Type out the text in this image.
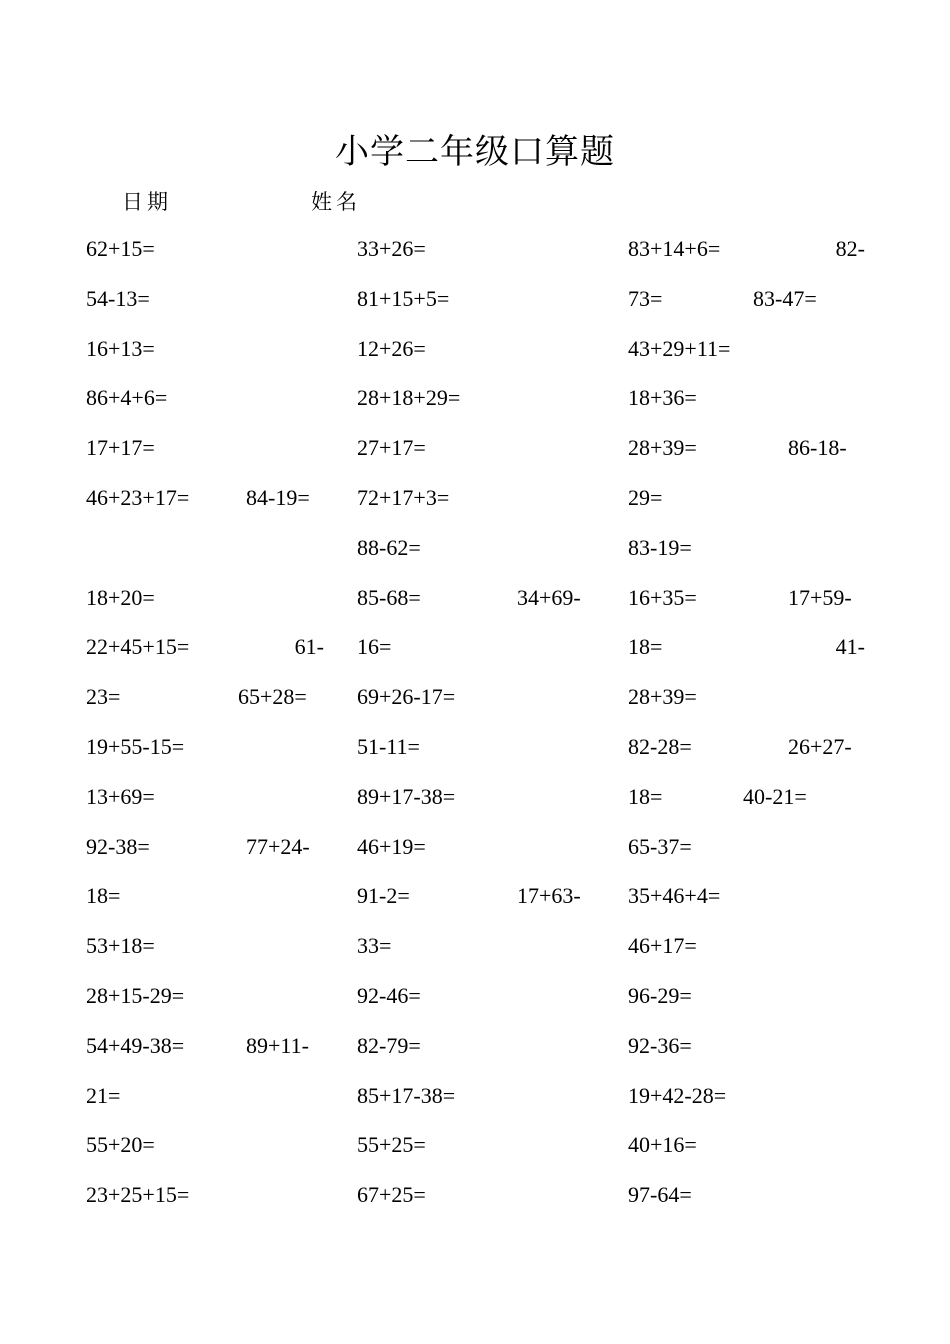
小学二年级口算题
日期	姓名
62+15=
54-13=
16+13=
86+4+6=
17+17=
46+23+17=	84-19=
18+20=
22+45+15=	61-
23=	65+28=
19+55-15=
13+69=
92-38=	77+24-
18=
53+18=
28+15-29=
54+49-38=	89+11-
21=
55+20=
23+25+15=
33+26=
81+15+5=
12+26=
28+18+29=
27+17=
72+17+3=
88-62=
85-68=	34+69-
16=
69+26-17=
51-11=
89+17-38=
46+19=
91-2=	17+63-
33=
92-46=
82-79=
85+17-38=
55+25=
67+25=
83+14+6=	82-
73=	83-47=
43+29+11=
18+36=
28+39=	86-18-
29=
83-19=
16+35=	17+59-
18=	41-
28+39=
82-28=	26+27-
18=	40-21=
65-37=
35+46+4=
46+17=
96-29=
92-36=
19+42-28=
40+16=
97-64=
